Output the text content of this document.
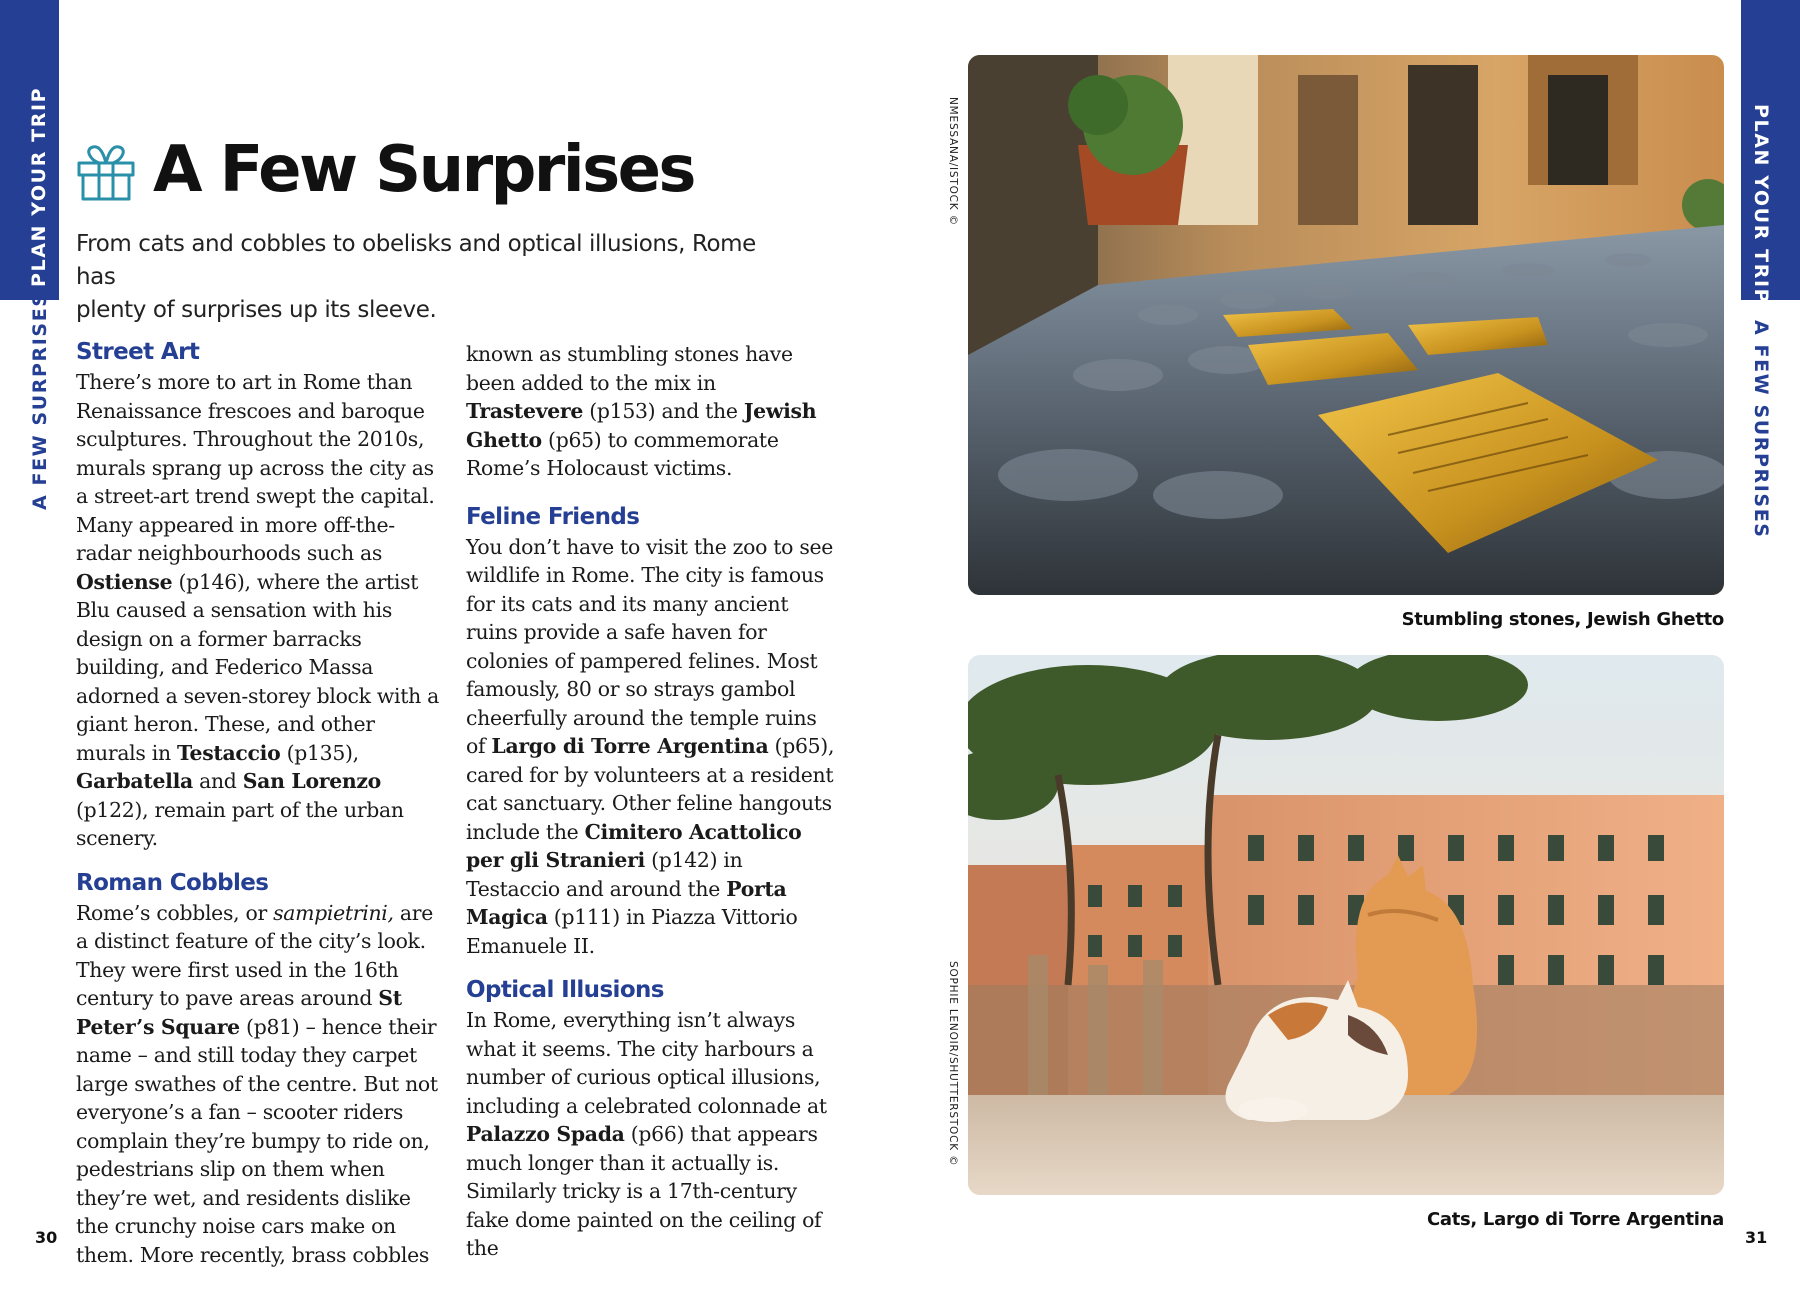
PLAN YOUR TRIP
A FEW SURPRISES
PLAN YOUR TRIP
A FEW SURPRISES
A Few Surprises
From cats and cobbles to obelisks and optical illusions, Rome has
plenty of surprises up its sleeve.
Street Art

There’s more to art in Rome than Renaissance frescoes and baroque sculptures. Throughout the 2010s, murals sprang up across the city as a street-art trend swept the capital. Many appeared in more off-the-radar neighbourhoods such as Ostiense (p146), where the artist Blu caused a sensation with his design on a former barracks building, and Federico Massa adorned a seven-storey block with a giant heron. These, and other murals in Testaccio (p135), Garbatella and San Lorenzo (p122), remain part of the urban scenery.

Roman Cobbles

Rome’s cobbles, or sampietrini, are a distinct feature of the city’s look. They were first used in the 16th century to pave areas around St Peter’s Square (p81) – hence their name – and still today they carpet large swathes of the centre. But not everyone’s a fan – scooter riders complain they’re bumpy to ride on, pedestrians slip on them when they’re wet, and residents dislike the crunchy noise cars make on them. More recently, brass cobbles

known as stumbling stones have been added to the mix in Trastevere (p153) and the Jewish Ghetto (p65) to commemorate Rome’s Holocaust victims.

Feline Friends

You don’t have to visit the zoo to see wildlife in Rome. The city is famous for its cats and its many ancient ruins provide a safe haven for colonies of pampered felines. Most famously, 80 or so strays gambol cheerfully around the temple ruins of Largo di Torre Argentina (p65), cared for by volunteers at a resident cat sanctuary. Other feline hangouts include the Cimitero Acattolico per gli Stranieri (p142) in Testaccio and around the Porta Magica (p111) in Piazza Vittorio Emanuele II.

Optical Illusions

In Rome, everything isn’t always what it seems. The city harbours a number of curious optical illusions, including a celebrated colonnade at Palazzo Spada (p66) that appears much longer than it actually is. Similarly tricky is a 17th-century fake dome painted on the ceiling of the

30	31
NMESSANA/ISTOCK ©
Stumbling stones, Jewish Ghetto
SOPHIE LENOIR/SHUTTERSTOCK ©
Cats, Largo di Torre Argentina
